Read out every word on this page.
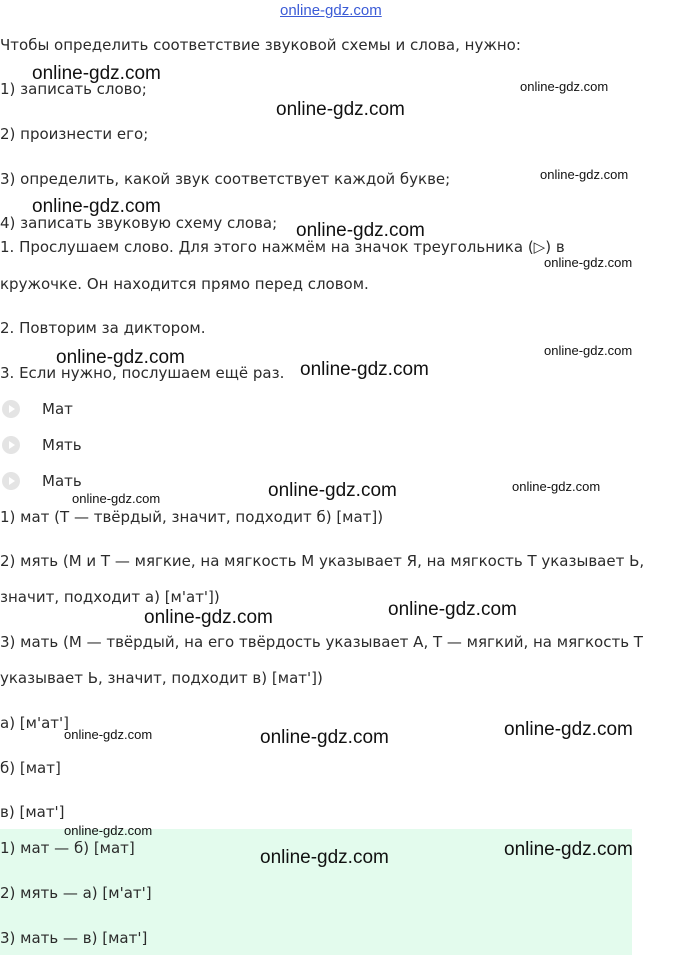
online-gdz.com
Чтобы определить соответствие звуковой схемы и слова, нужно:
1) записать слово;
2) произнести его;
3) определить, какой звук соответствует каждой букве;
4) записать звуковую схему слова;
1. Прослушаем слово. Для этого нажмём на значок треугольника (▷) в
кружочке. Он находится прямо перед словом.
2. Повторим за диктором.
3. Если нужно, послушаем ещё раз.
Мат
Мять
Мать
1) мат (Т — твёрдый, значит, подходит б) [мат])
2) мять (М и Т — мягкие, на мягкость М указывает Я, на мягкость Т указывает Ь,
значит, подходит а) [м'ат'])
3) мать (М — твёрдый, на его твёрдость указывает А, Т — мягкий, на мягкость Т
указывает Ь, значит, подходит в) [мат'])
а) [м'ат']
б) [мат]
в) [мат']
1) мат — б) [мат]
2) мять — а) [м'ат']
3) мать — в) [мат']
online-gdz.com
online-gdz.com
online-gdz.com
online-gdz.com
online-gdz.com
online-gdz.com
online-gdz.com
online-gdz.com
online-gdz.com
online-gdz.com
online-gdz.com	online-gdz.com
online-gdz.com
online-gdz.com
online-gdz.com
online-gdz.com
online-gdz.com	online-gdz.com
online-gdz.com
online-gdz.com
online-gdz.com
